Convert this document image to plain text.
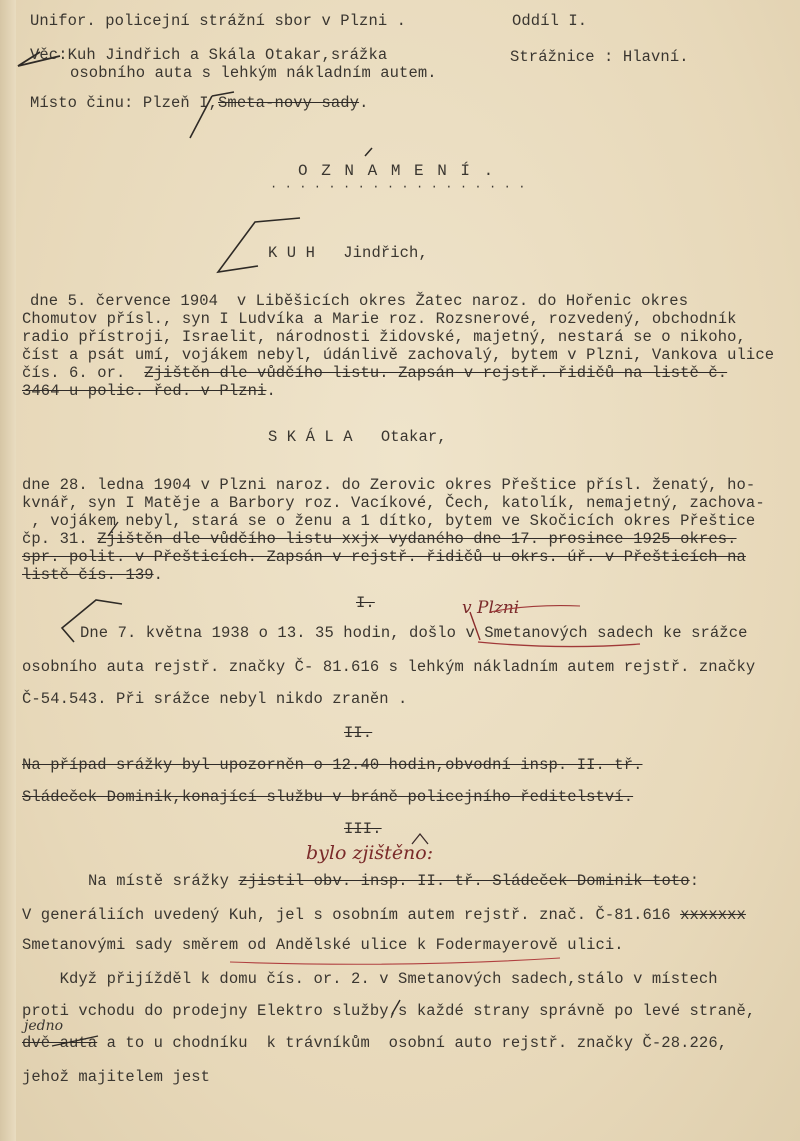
Unifor. policejní strážní sbor v Plzni .	Oddíl I.
Věc:Kuh Jindřich a Skála Otakar,srážka	Strážnice : Hlavní.
osobního auta s lehkým nákladním autem.
Místo činu: Plzeň I,Smeta-novy sady.
O Z N A M E N Í .
· · · · · · · · · · · · · · · · · ·
K U H Jindřich,
dne 5. července 1904  v Liběšicích okres Žatec naroz. do Hořenic okres
Chomutov přísl., syn I Ludvíka a Marie roz. Rozsnerové, rozvedený, obchodník
radio přístroji, Israelit, národnosti židovské, majetný, nestará se o nikoho,
číst a psát umí, vojákem nebyl, údánlivě zachovalý, bytem v Plzni, Vankova ulice
čís. 6. or.  Zjištěn dle vůdčího listu. Zapsán v rejstř. řidičů na listě č.
3464 u polic. řed. v Plzni.
S K Á L A Otakar,
dne 28. ledna 1904 v Plzni naroz. do Zerovic okres Přeštice přísl. ženatý, ho-
kvnář, syn I Matěje a Barbory roz. Vacíkové, Čech, katolík, nemajetný, zachova-
, vojákem nebyl, stará se o ženu a 1 dítko, bytem ve Skočicích okres Přeštice
čp. 31. Zjištěn dle vůdčího listu xxjx vydaného dne 17. prosince 1925 okres.
spr. polit. v Přešticích. Zapsán v rejstř. řidičů u okrs. úř. v Přešticích na
listě čís. 139.
I.	v Plzni
Dne 7. května 1938 o 13. 35 hodin, došlo v Smetanových sadech ke srážce
osobního auta rejstř. značky Č- 81.616 s lehkým nákladním autem rejstř. značky
Č-54.543. Při srážce nebyl nikdo zraněn .
II.
Na případ srážky byl upozorněn o 12.40 hodin,obvodní insp. II. tř.
Sládeček Dominik,konající službu v bráně policejního ředitelství.
III.
bylo zjištěno:
Na místě srážky zjistil obv. insp. II. tř. Sládeček Dominik toto:
V generáliích uvedený Kuh, jel s osobním autem rejstř. znač. Č-81.616 xxxxxxx
Smetanovými sady směrem od Andělské ulice k Fodermayerově ulici.
Když přijížděl k domu čís. or. 2. v Smetanových sadech,stálo v místech
proti vchodu do prodejny Elektro služby,s každé strany správně po levé straně,
jedno
dvě auta a to u chodníku  k trávníkům  osobní auto rejstř. značky Č-28.226,
jehož majitelem jest
